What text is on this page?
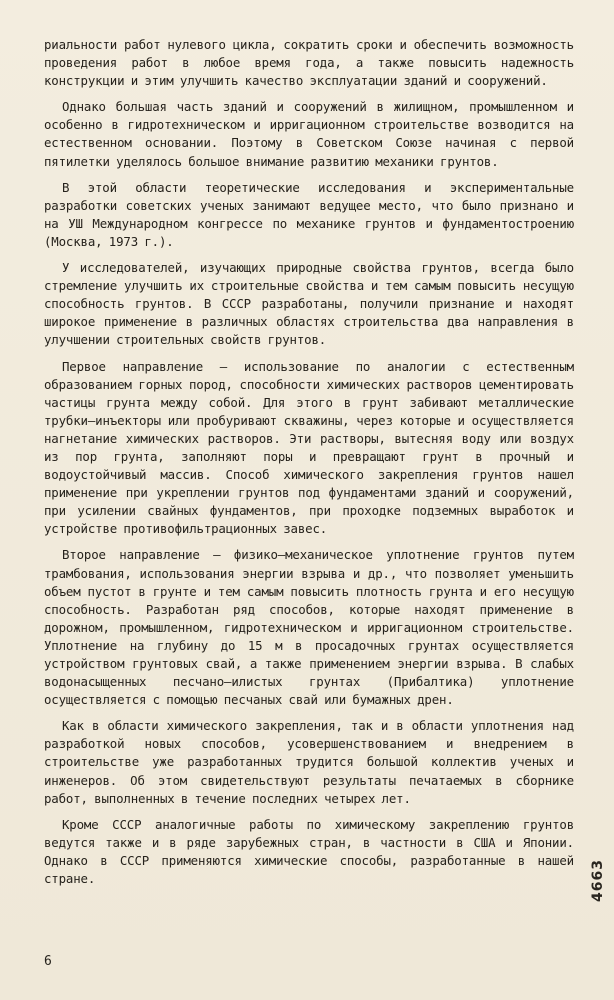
риальности работ нулевого цикла, сократить сроки и обеспечить возможность проведения работ в любое время года, а также повысить надежность конструкции и этим улучшить качество эксплуатации зданий и сооружений.

Однако большая часть зданий и сооружений в жилищном, промышленном и особенно в гидротехническом и ирригационном строительстве возводится на естественном основании. Поэтому в Советском Союзе начиная с первой пятилетки уделялось большое внимание развитию механики грунтов.

В этой области теоретические исследования и экспериментальные разработки советских ученых занимают ведущее место, что было признано и на УШ Международном конгрессе по механике грунтов и фундаментостроению (Москва, 1973 г.).

У исследователей, изучающих природные свойства грунтов, всегда было стремление улучшить их строительные свойства и тем самым повысить несущую способность грунтов. В СССР разработаны, получили признание и находят широкое применение в различных областях строительства два направления в улучшении строительных свойств грунтов.

Первое направление – использование по аналогии с естественным образованием горных пород, способности химических растворов цементировать частицы грунта между собой. Для этого в грунт забивают металлические трубки–инъекторы или пробуривают скважины, через которые и осуществляется нагнетание химических растворов. Эти растворы, вытесняя воду или воздух из пор грунта, заполняют поры и превращают грунт в прочный и водоустойчивый массив. Способ химического закрепления грунтов нашел применение при укреплении грунтов под фундаментами зданий и сооружений, при усилении свайных фундаментов, при проходке подземных выработок и устройстве противофильтрационных завес.

Второе направление – физико–механическое уплотнение грунтов путем трамбования, использования энергии взрыва и др., что позволяет уменьшить объем пустот в грунте и тем самым повысить плотность грунта и его несущую способность. Разработан ряд способов, которые находят применение в дорожном, промышленном, гидротехническом и ирригационном строительстве. Уплотнение на глубину до 15 м в просадочных грунтах осуществляется устройством грунтовых свай, а также применением энергии взрыва. В слабых водонасыщенных песчано–илистых грунтах (Прибалтика) уплотнение осуществляется с помощью песчаных свай или бумажных дрен.

Как в области химического закрепления, так и в области уплотнения над разработкой новых способов, усовершенствованием и внедрением в строительстве уже разработанных трудится большой коллектив ученых и инженеров. Об этом свидетельствуют результаты печатаемых в сборнике работ, выполненных в течение последних четырех лет.

Кроме СССР аналогичные работы по химическому закреплению грунтов ведутся также и в ряде зарубежных стран, в частности в США и Японии. Однако в СССР применяются химические способы, разработанные в нашей стране.

6
4663
